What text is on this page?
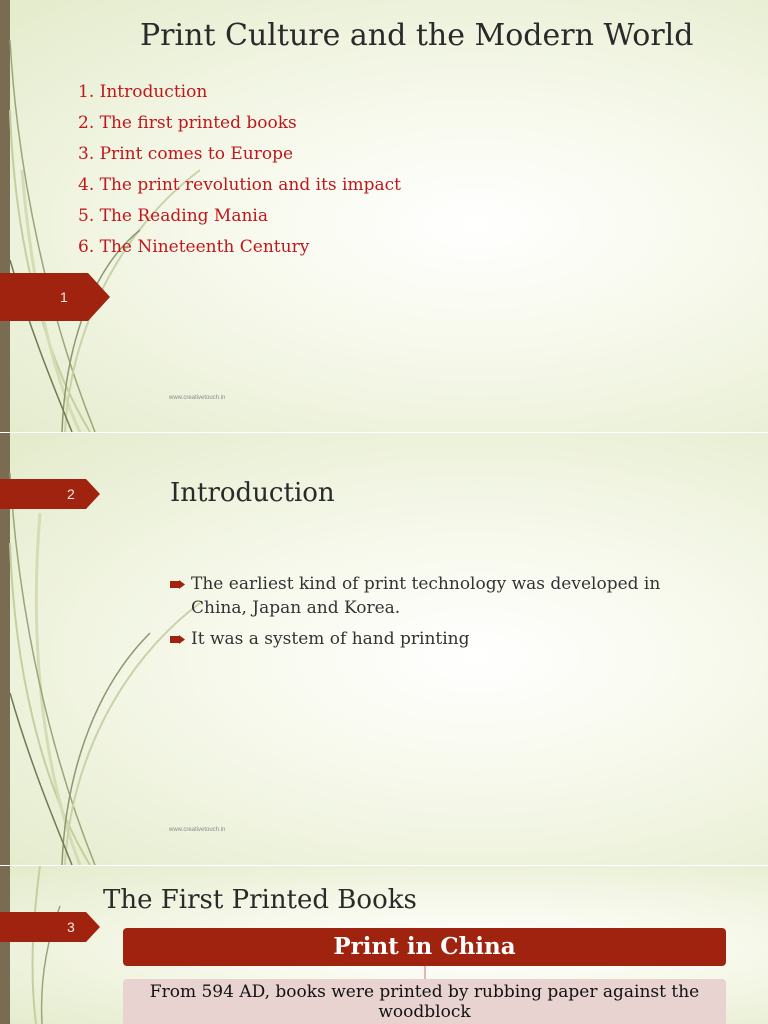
1
Print Culture and the Modern World
1. Introduction
2. The first printed books
3. Print comes to Europe
4. The print revolution and its impact
5. The Reading Mania
6. The Nineteenth Century
www.creativetouch.in
2	Introduction
The earliest kind of print technology was developed in China, Japan and Korea.
It was a system of hand printing
www.creativetouch.in
3
The First Printed Books
Print in China
From 594 AD, books were printed by rubbing paper against the woodblock
